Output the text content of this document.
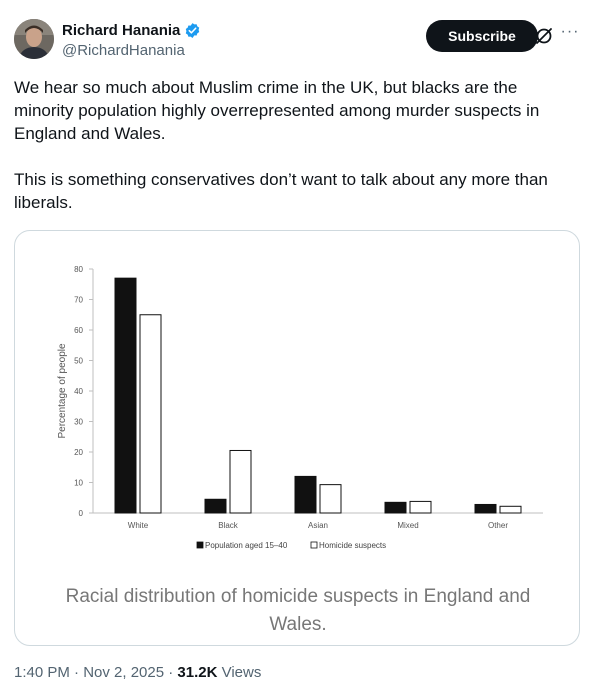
Richard Hanania
@RichardHanania
Subscribe	···

We hear so much about Muslim crime in the UK, but blacks are the minority population highly overrepresented among murder suspects in England and Wales.

This is something conservatives don’t want to talk about any more than liberals.

0
10
20
30
40
50
60
70
80
Percentage of people
White	Black	Asian	Mixed	Other
Population aged 15–40	Homicide suspects
Racial distribution of homicide suspects in England and Wales.
1:40 PM · Nov 2, 2025 · 31.2K Views
